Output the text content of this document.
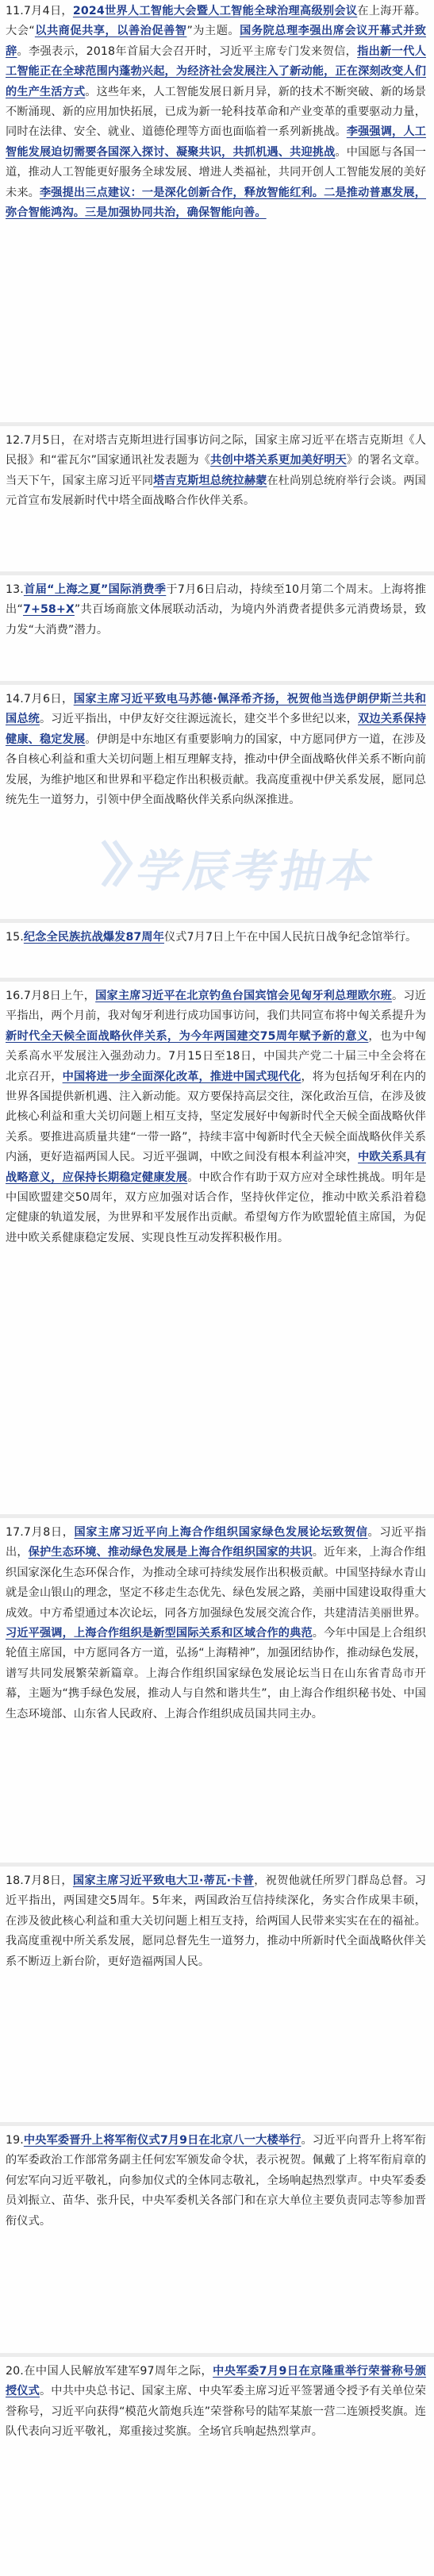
11.7月4日，2024世界人工智能大会暨人工智能全球治理高级别会议在上海开幕。大会“以共商促共享，以善治促善智”为主题。国务院总理李强出席会议开幕式并致辞。李强表示，2018年首届大会召开时，习近平主席专门发来贺信，指出新一代人工智能正在全球范围内蓬勃兴起，为经济社会发展注入了新动能，正在深刻改变人们的生产生活方式。这些年来，人工智能发展日新月异，新的技术不断突破、新的场景不断涌现、新的应用加快拓展，已成为新一轮科技革命和产业变革的重要驱动力量，同时在法律、安全、就业、道德伦理等方面也面临着一系列新挑战。李强强调，人工智能发展迫切需要各国深入探讨、凝聚共识，共抓机遇、共迎挑战。中国愿与各国一道，推动人工智能更好服务全球发展、增进人类福祉，共同开创人工智能发展的美好未来。李强提出三点建议：一是深化创新合作，释放智能红利。二是推动普惠发展，弥合智能鸿沟。三是加强协同共治，确保智能向善。
12.7月5日，在对塔吉克斯坦进行国事访问之际，国家主席习近平在塔吉克斯坦《人民报》和“霍瓦尔”国家通讯社发表题为《共创中塔关系更加美好明天》的署名文章。当天下午，国家主席习近平同塔吉克斯坦总统拉赫蒙在杜尚别总统府举行会谈。两国元首宣布发展新时代中塔全面战略合作伙伴关系。
13.首届“上海之夏”国际消费季于7月6日启动，持续至10月第二个周末。上海将推出“7+58+X”共百场商旅文体展联动活动，为境内外消费者提供多元消费场景，致力发“大消费”潜力。
14.7月6日，国家主席习近平致电马苏德·佩泽希齐扬，祝贺他当选伊朗伊斯兰共和国总统。习近平指出，中伊友好交往源远流长，建交半个多世纪以来，双边关系保持健康、稳定发展。伊朗是中东地区有重要影响力的国家，中方愿同伊方一道，在涉及各自核心利益和重大关切问题上相互理解支持，推动中伊全面战略伙伴关系不断向前发展，为维护地区和世界和平稳定作出积极贡献。我高度重视中伊关系发展，愿同总统先生一道努力，引领中伊全面战略伙伴关系向纵深推进。
15.纪念全民族抗战爆发87周年仪式7月7日上午在中国人民抗日战争纪念馆举行。
16.7月8日上午，国家主席习近平在北京钓鱼台国宾馆会见匈牙利总理欧尔班。习近平指出，两个月前，我对匈牙利进行成功国事访问，我们共同宣布将中匈关系提升为新时代全天候全面战略伙伴关系，为今年两国建交75周年赋予新的意义，也为中匈关系高水平发展注入强劲动力。7月15日至18日，中国共产党二十届三中全会将在北京召开，中国将进一步全面深化改革，推进中国式现代化，将为包括匈牙利在内的世界各国提供新机遇、注入新动能。双方要保持高层交往，深化政治互信，在涉及彼此核心利益和重大关切问题上相互支持，坚定发展好中匈新时代全天候全面战略伙伴关系。要推进高质量共建“一带一路”，持续丰富中匈新时代全天候全面战略伙伴关系内涵，更好造福两国人民。习近平强调，中欧之间没有根本利益冲突，中欧关系具有战略意义，应保持长期稳定健康发展。中欧合作有助于双方应对全球性挑战。明年是中国欧盟建交50周年，双方应加强对话合作，坚持伙伴定位，推动中欧关系沿着稳定健康的轨道发展，为世界和平发展作出贡献。希望匈方作为欧盟轮值主席国，为促进中欧关系健康稳定发展、实现良性互动发挥积极作用。
17.7月8日，国家主席习近平向上海合作组织国家绿色发展论坛致贺信。习近平指出，保护生态环境、推动绿色发展是上海合作组织国家的共识。近年来，上海合作组织国家深化生态环保合作，为推动全球可持续发展作出积极贡献。中国坚持绿水青山就是金山银山的理念，坚定不移走生态优先、绿色发展之路，美丽中国建设取得重大成效。中方希望通过本次论坛，同各方加强绿色发展交流合作，共建清洁美丽世界。习近平强调，上海合作组织是新型国际关系和区域合作的典范。今年中国是上合组织轮值主席国，中方愿同各方一道，弘扬“上海精神”，加强团结协作，推动绿色发展，谱写共同发展繁荣新篇章。上海合作组织国家绿色发展论坛当日在山东省青岛市开幕，主题为“携手绿色发展，推动人与自然和谐共生”，由上海合作组织秘书处、中国生态环境部、山东省人民政府、上海合作组织成员国共同主办。
18.7月8日，国家主席习近平致电大卫·蒂瓦·卡普，祝贺他就任所罗门群岛总督。习近平指出，两国建交5周年。5年来，两国政治互信持续深化，务实合作成果丰硕，在涉及彼此核心利益和重大关切问题上相互支持，给两国人民带来实实在在的福祉。我高度重视中所关系发展，愿同总督先生一道努力，推动中所新时代全面战略伙伴关系不断迈上新台阶，更好造福两国人民。
19.中央军委晋升上将军衔仪式7月9日在北京八一大楼举行。习近平向晋升上将军衔的军委政治工作部常务副主任何宏军颁发命令状，表示祝贺。佩戴了上将军衔肩章的何宏军向习近平敬礼，向参加仪式的全体同志敬礼，全场响起热烈掌声。中央军委委员刘振立、苗华、张升民，中央军委机关各部门和在京大单位主要负责同志等参加晋衔仪式。
20.在中国人民解放军建军97周年之际，中央军委7月9日在京隆重举行荣誉称号颁授仪式。中共中央总书记、国家主席、中央军委主席习近平签署通令授予有关单位荣誉称号，习近平向获得“模范火箭炮兵连”荣誉称号的陆军某旅一营二连颁授奖旗。连队代表向习近平敬礼，郑重接过奖旗。全场官兵响起热烈掌声。
学辰考抽本
